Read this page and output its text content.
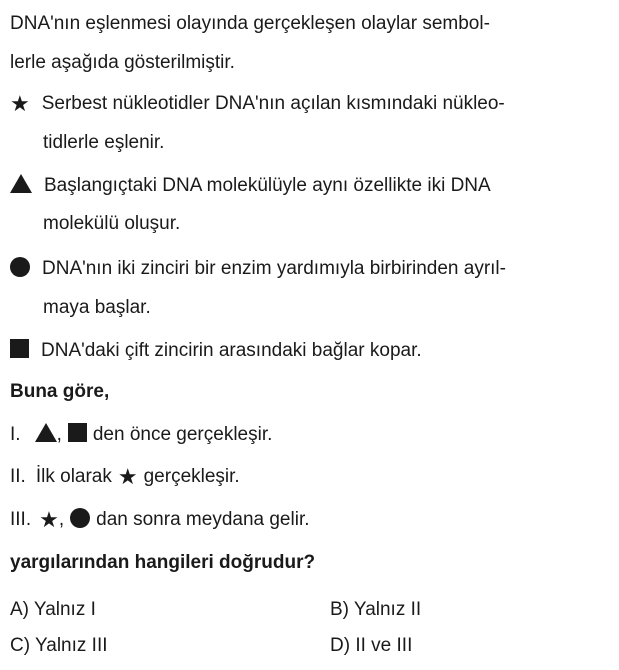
DNA'nın eşlenmesi olayında gerçekleşen olaylar sembol-
lerle aşağıda gösterilmiştir.
★ Serbest nükleotidler DNA'nın açılan kısmındaki nükleo-
tidlerle eşlenir.
Başlangıçtaki DNA molekülüyle aynı özellikte iki DNA
molekülü oluşur.
DNA'nın iki zinciri bir enzim yardımıyla birbirinden ayrıl-
maya başlar.
DNA'daki çift zincirin arasındaki bağlar kopar.
Buna göre,
I. , den önce gerçekleşir.
II. İlk olarak ★ gerçekleşir.
III. ★, dan sonra meydana gelir.
yargılarından hangileri doğrudur?
A) Yalnız I	B) Yalnız II
C) Yalnız III	D) II ve III
